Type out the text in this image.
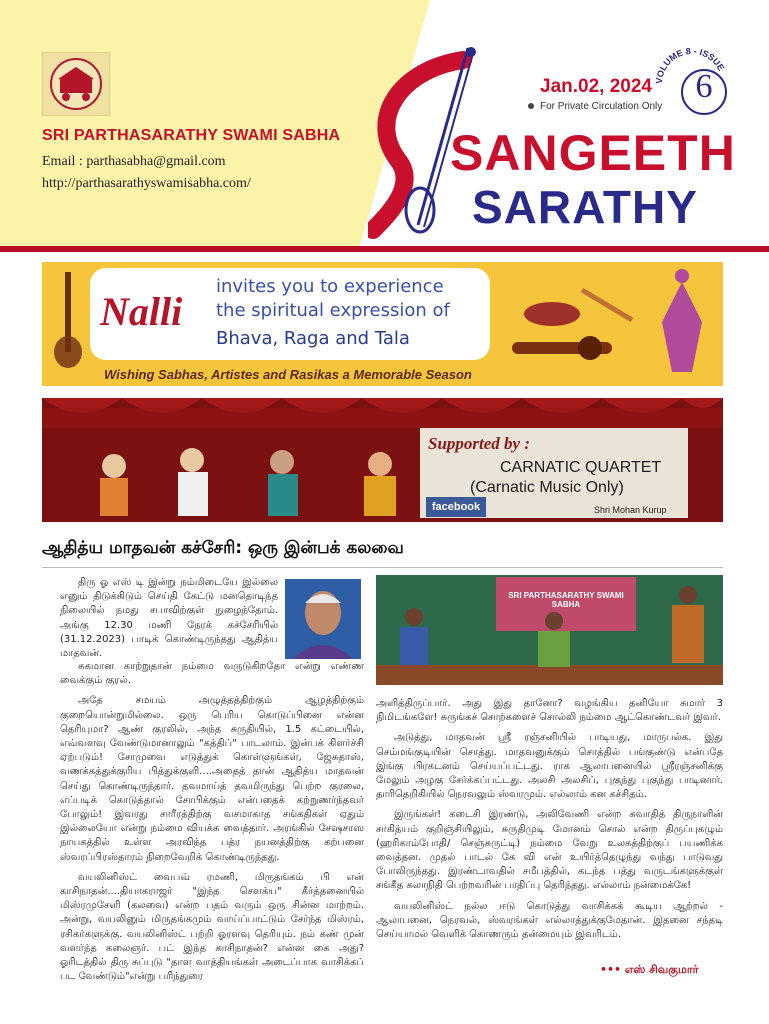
SRI PARTHASARATHY SWAMI SABHA
Email : parthasabha@gmail.com
http://parthasarathyswamisabha.com/
Jan.02, 2024
For Private Circulation Only
VOLUME 8 - ISSUE
6
SANGEETH
SARATHY
Nalli
invites you to experience
the spiritual expression of
Bhava, Raga and Tala
Wishing Sabhas, Artistes and Rasikas a Memorable Season
Supported by :
CARNATIC QUARTET
(Carnatic Music Only)
facebook	Shri Mohan Kurup
ஆதித்ய மாதவன் கச்சேரி: ஒரு இன்பக் கலவை

திரு ஓ எஸ் டி இன்று நம்மிடையே இல்லை எனும் திடுக்கிடும் செய்தி கேட்டு மனதொடிந்த நிலையில் நமது சபாவிற்குள் நுழைந்தோம். அங்கு 12.30 மணி நேரக் கச்சேரியில் (31.12.2023) பாடிக் கொண்டிருந்தது ஆதித்ய மாதவன்.

சுகமான காற்றுதான் நம்மை வருடுகிறதோ என்று எண்ண வைக்கும் குரல்.

அதே சமயம் அழுத்தத்திற்கும் ஆழத்திற்கும் குறையொன்றுமில்லை. ஒரு பெரிய கொடுப்பினை என்ன தெரியுமா? ஆண் குரலில், அந்த சுருதியில், 1.5 கட்டையில், எவ்வளவு வேண்டுமானாலும் "கத்திப்" பாடலாம். இன்பக் கிளர்ச்சி ஏற்படும்! சோமுவை எடுத்துக் கொள்ளுங்கள், ஜேசுதாஸ், வணக்கத்துக்குரிய பித்துக்குளி....அதைத் தான் ஆதித்ய மாதவன் செய்து கொண்டிருந்தார். தவமாய்த் தவமிருந்து பெற்ற குரலை, எப்படிக் கொடுத்தால் சோபிக்கும் என்பதைக் கற்றுணர்ந்தவர் போலும்! இவரது சாரீரத்திற்கு வசமாகாத சங்கதிகள் ஏதும் இல்லையோ என்று நம்மை வியக்க வைத்தார். அரங்கில் சேஷசாஸ நாயகத்தில் உள்ள அரவிந்த பத்ர நயனத்திற்கு கற்பனை ஸ்வரப்பிரஸ்தாரம் நிறைவேறிக் கொண்டிருந்தது.

வயலினிஸ்ட் வைபவ் ரமணி, மிருதங்கம் பி என் காசிநாதன்....தியாகராஜர் "இந்த சௌக்ய" கீர்த்தனையில் மிஸ்ரமுசேளி (கலவை) என்ற பதம் வரும் ஒரு சின்ன மாற்றம். அன்று, வயலினும் மிருதங்கமும் வாய்ப்பாட்டும் சேர்ந்த மிஸ்ரம், ரசிகர்களுக்கு. வயலினிஸ்ட் பற்றி ஓரளவு தெரியும். நம் கண் முன் வளர்ந்த கலைஞர். பட் இந்த காசிநாதன்? என்ன கை அது? ஓரிடத்தில் திரு சுப்புடு "தாள வாத்தியங்கள் அடைப்பாக வாசிக்கப் பட வேண்டும்"என்று பரிந்துரை

SRI PARTHASARATHY SWAMI SABHA

அளித்திருப்பார். அது இது தானோ? வழங்கிய தனியோ சுமார் 3 நிமிடங்களே! சுருங்கச் சொற்களைச் சொல்லி நம்மை ஆட்கொண்டவர் இவர்.

அடுத்து, மாதவன் ஸ்ரீ ரஞ்சனியில் பாடியது, மாருபல்க. இது செம்மங்குடியின் சொத்து. மாதவனுக்கும் சொத்தில் பங்குண்டு என்பதே இங்கு பிரகடனம் செய்யப்பட்டது. ராக ஆலாபனையில் ஸ்ரீரஞ்சனிக்கு மேலும் அழகு சேர்க்கப்பட்டது. அலசி அலசிப், புகுந்து புகுந்து பாடினார். தாரிதெறிகியில் நெரவலும் ஸ்வரமும். எல்லாம் கன கச்சிதம்.

இருங்கள்! கடைசி இரண்டு, அலிவேணி என்ற சுவாதித் திருநாளின் சாகித்யம் குறிஞ்சியிலும், சுருதிமுடி மோனம் சொல் என்ற திருப்புகழும் (ஹரிகாம்போதி/ செஞ்சுருட்டி) நம்மை வேறு உலகத்திற்குப் பயணிக்க வைத்தன. முதல் பாடல் கே வி என் உயிர்த்தெழுந்து வந்து பாடுவது போலிருந்தது. இரண்டாவதில் சமீபத்தில், கடந்த பத்து வருடங்களுக்குள் சங்கீத கலாநிதி பெற்றவரின் பாதிப்பு தெரிந்தது. எல்லாம் நன்மைக்கே!

வயலினிஸ்ட் நல்ல ஈடு கொடுத்து வாசிக்கக் கூடிய ஆற்றல் - ஆலாபனை, நெரவல், ஸ்வரங்கள் எல்லாத்துக்குமேதான். இதனை சந்தடி செய்யாமல் வெளிக் கொணரும் தன்மையும் இவரிடம்.

••• எஸ் சிவகுமார்
